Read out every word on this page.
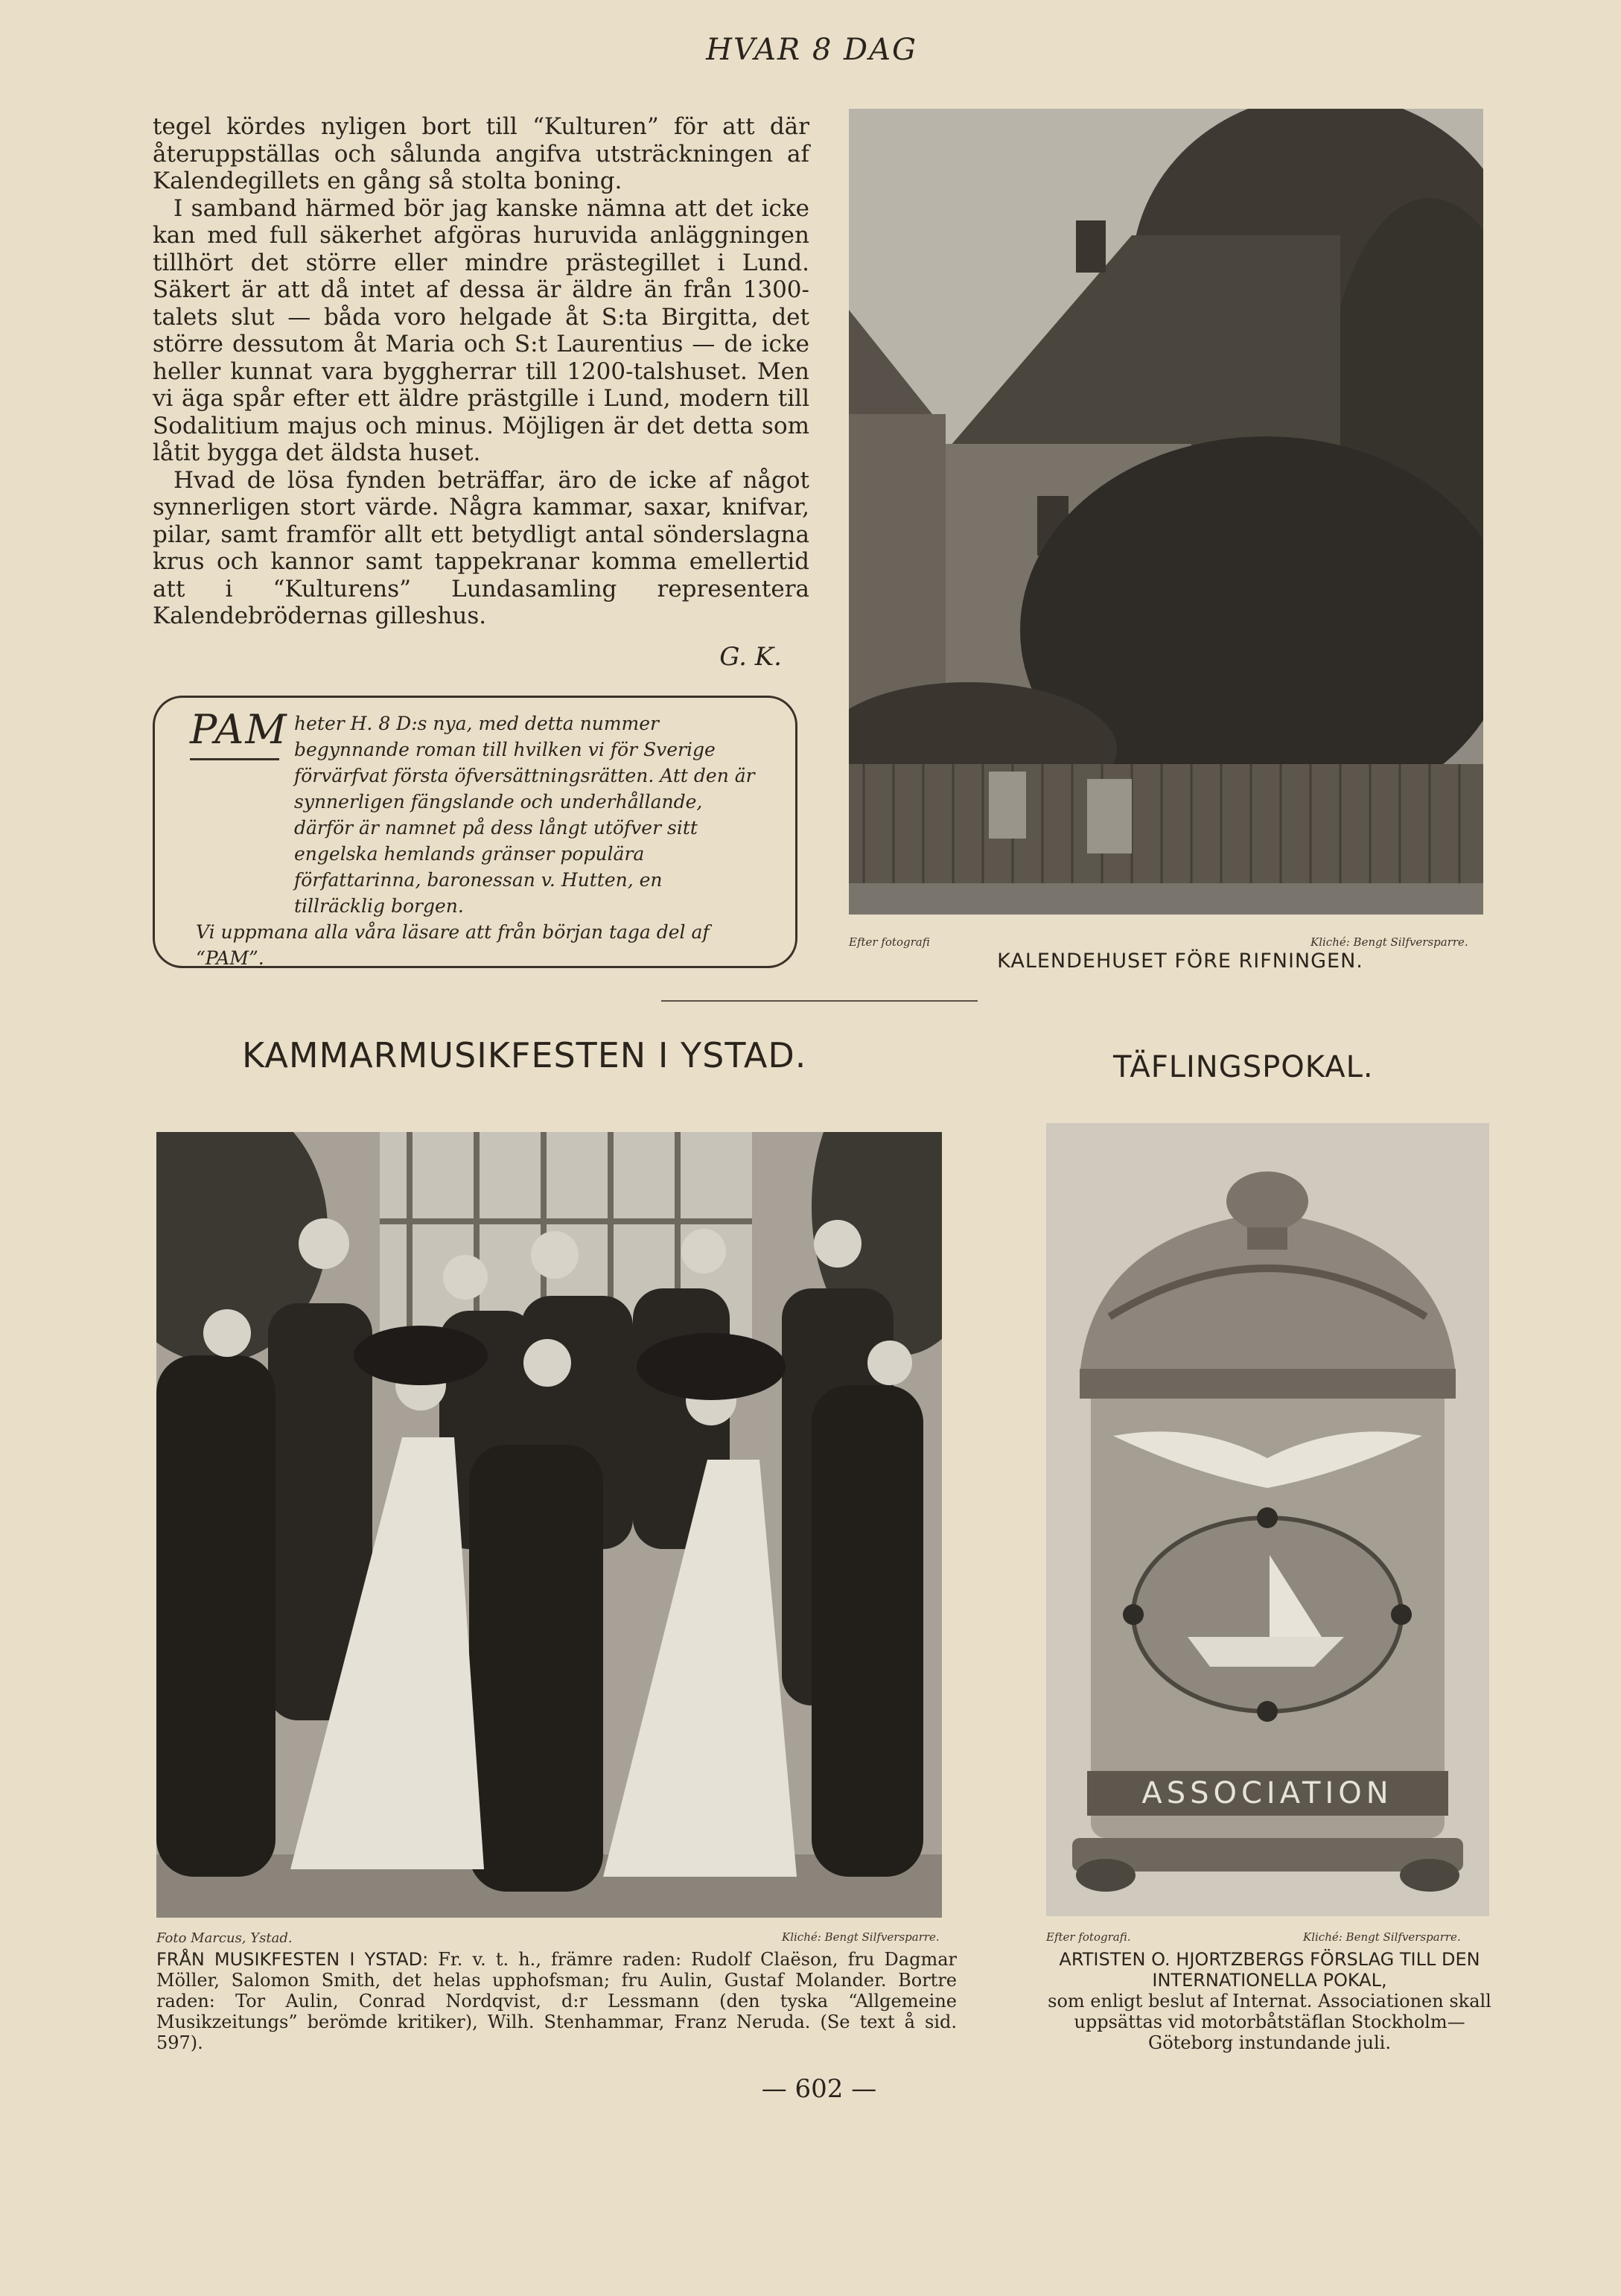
HVAR 8 DAG

tegel kördes nyligen bort till “Kulturen” för att där återuppställas och sålunda angifva utsträckningen af Kalendegillets en gång så stolta boning.

I samband härmed bör jag kanske nämna att det icke kan med full säkerhet afgöras huruvida anläggningen tillhört det större eller mindre prästegillet i Lund. Säkert är att då intet af dessa är äldre än från 1300-talets slut — båda voro helgade åt S:ta Birgitta, det större dessutom åt Maria och S:t Laurentius — de icke heller kunnat vara byggherrar till 1200-talshuset. Men vi äga spår efter ett äldre prästgille i Lund, modern till Sodalitium majus och minus. Möjligen är det detta som låtit bygga det äldsta huset.

Hvad de lösa fynden beträffar, äro de icke af något synnerligen stort värde. Några kammar, saxar, knifvar, pilar, samt framför allt ett betydligt antal sönderslagna krus och kannor samt tappekranar komma emellertid att i “Kulturens” Lundasamling representera Kalendebrödernas gilleshus.

G. K.
PAM heter H. 8 D:s nya, med detta nummer begynnande roman till hvilken vi för Sverige förvärfvat första öfversättningsrätten. Att den är synnerligen fängslande och underhållande, därför är namnet på dess långt utöfver sitt engelska hemlands gränser populära författarinna, baronessan v. Hutten, en tillräcklig borgen.

Vi uppmana alla våra läsare att från början taga del af “PAM”.

Efter fotografi	Kliché: Bengt Silfversparre.
KALENDEHUSET FÖRE RIFNINGEN.
KAMMARMUSIKFESTEN I YSTAD.	TÄFLINGSPOKAL.
Foto Marcus, Ystad.	Kliché: Bengt Silfversparre.
FRÅN MUSIKFESTEN I YSTAD: Fr. v. t. h., främre raden: Rudolf Claëson, fru Dagmar Möller, Salomon Smith, det helas upphofsman; fru Aulin, Gustaf Molander. Bortre raden: Tor Aulin, Conrad Nordqvist, d:r Lessmann (den tyska “Allgemeine Musikzeitungs” berömde kritiker), Wilh. Stenhammar, Franz Neruda. (Se text å sid. 597).
ASSOCIATION
Efter fotografi.	Kliché: Bengt Silfversparre.
ARTISTEN O. HJORTZBERGS FÖRSLAG TILL DEN INTERNATIONELLA POKAL,
som enligt beslut af Internat. Associationen skall uppsättas vid motorbåtstäflan Stockholm—Göteborg instundande juli.
— 602 —
